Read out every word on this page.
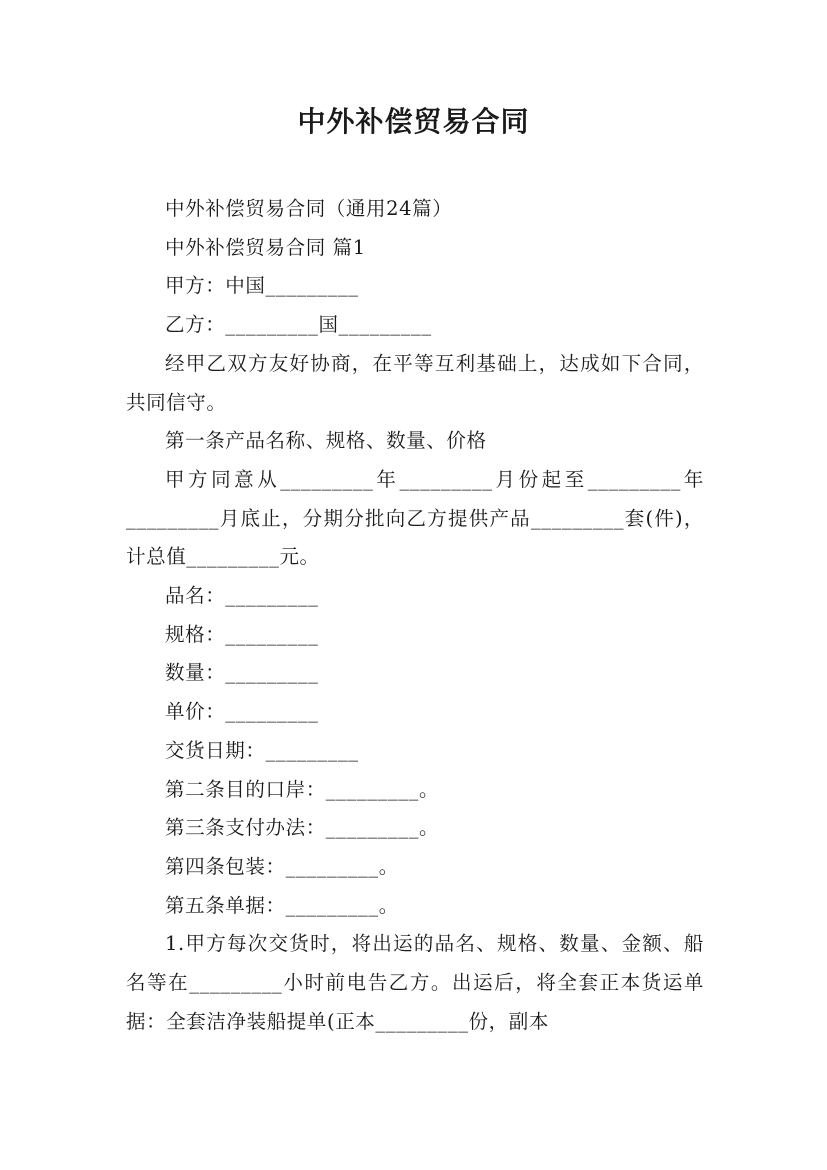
中外补偿贸易合同

中外补偿贸易合同（通用24篇）

中外补偿贸易合同 篇1

甲方：中国_________

乙方：_________国_________

经甲乙双方友好协商，在平等互利基础上，达成如下合同，共同信守。

第一条产品名称、规格、数量、价格

甲方同意从_________年_________月份起至_________年_________月底止，分期分批向乙方提供产品_________套(件)，计总值_________元。

品名：_________

规格：_________

数量：_________

单价：_________

交货日期：_________

第二条目的口岸：_________。

第三条支付办法：_________。

第四条包装：_________。

第五条单据：_________。

1.甲方每次交货时，将出运的品名、规格、数量、金额、船名等在_________小时前电告乙方。出运后，将全套正本货运单据：全套洁净装船提单(正本_________份，副本
